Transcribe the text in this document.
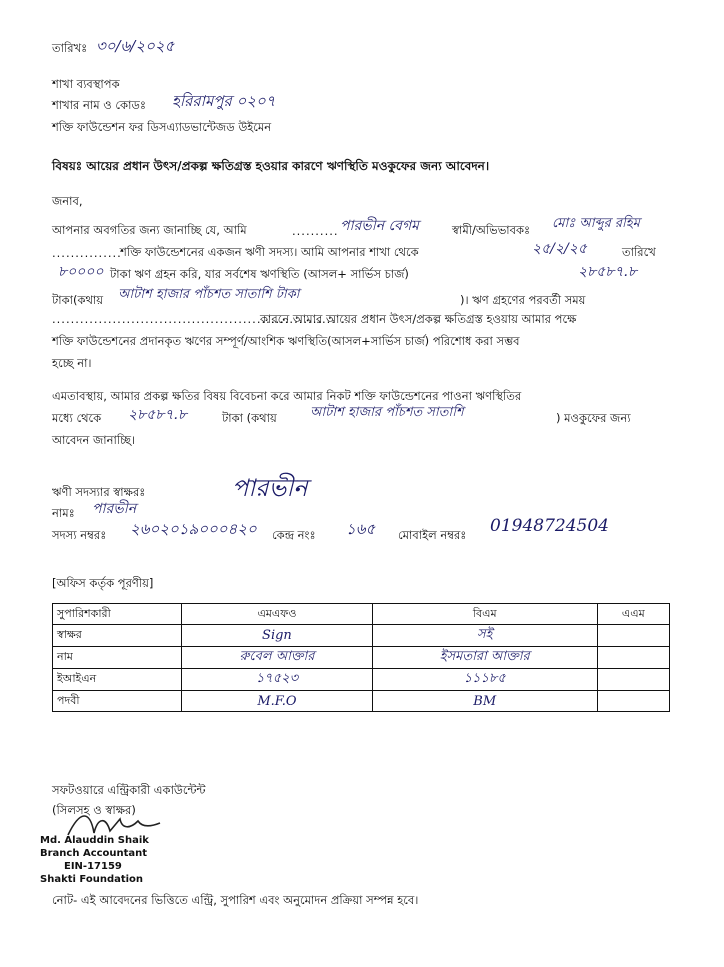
তারিখঃ ৩০/৬/২০২৫
শাখা ব্যবস্থাপক
শাখার নাম ও কোডঃ হরিরামপুর ০২০৭
শক্তি ফাউন্ডেশন ফর ডিসএ্যাডভান্টেজড উইমেন
বিষয়ঃ আয়ের প্রধান উৎস/প্রকল্প ক্ষতিগ্রস্ত হওয়ার কারণে ঋণস্থিতি মওকুফের জন্য আবেদন।
জনাব,
আপনার অবগতির জন্য জানাচ্ছি যে, আমি	.......... পারভীন বেগম	স্বামী/অভিভাবকঃ মোঃ আব্দুর রহিম
...............
শক্তি ফাউন্ডেশনের একজন ঋণী সদস্য। আমি আপনার শাখা থেকে	২৫/২/২৫	তারিখে
৮০০০০ টাকা ঋণ গ্রহন করি, যার সর্বশেষ ঋণস্থিতি (আসল+ সার্ভিস চার্জ)	২৮৫৮৭.৮
টাকা(কথায় আটাশ হাজার পাঁচশত সাতাশি টাকা	)। ঋণ গ্রহণের পরবর্তী সময়
.............................................................
কারনে আমার আয়ের প্রধান উৎস/প্রকল্প ক্ষতিগ্রস্ত হওয়ায় আমার পক্ষে
শক্তি ফাউন্ডেশনের প্রদানকৃত ঋণের সম্পূর্ণ/আংশিক ঋণস্থিতি(আসল+সার্ভিস চার্জ) পরিশোধ করা সম্ভব
হচ্ছে না।
এমতাবস্থায়, আমার প্রকল্প ক্ষতির বিষয় বিবেচনা করে আমার নিকট শক্তি ফাউন্ডেশনের পাওনা ঋণস্থিতির
মধ্যে থেকে ২৮৫৮৭.৮	টাকা (কথায়	আটাশ হাজার পাঁচশত সাতাশি	) মওকুফের জন্য
আবেদন জানাচ্ছি।
ঋণী সদস্যার স্বাক্ষরঃ	পারভীন
নামঃ পারভীন
সদস্য নম্বরঃ ২৬০২০১৯০০০৪২০ কেন্দ্র নংঃ ১৬৫ মোবাইল নম্বরঃ 01948724504
[অফিস কর্তৃক পূরণীয়]
সুপারিশকারী	এমএফও	বিএম	এএম
স্বাক্ষর	Sign	সই	
নাম	রুবেল আক্তার	ইসমতারা আক্তার	
ইআইএন	১৭৫২৩	১১১৮৫	
পদবী	M.F.O	BM	
সফটওয়ারে এন্ট্রিকারী একাউন্টেন্ট
(সিলসহ ও স্বাক্ষর)
Md. Alauddin Shaik
Branch Accountant
EIN-17159
Shakti Foundation
নোট- এই আবেদনের ভিত্তিতে এন্ট্রি, সুপারিশ এবং অনুমোদন প্রক্রিয়া সম্পন্ন হবে।
